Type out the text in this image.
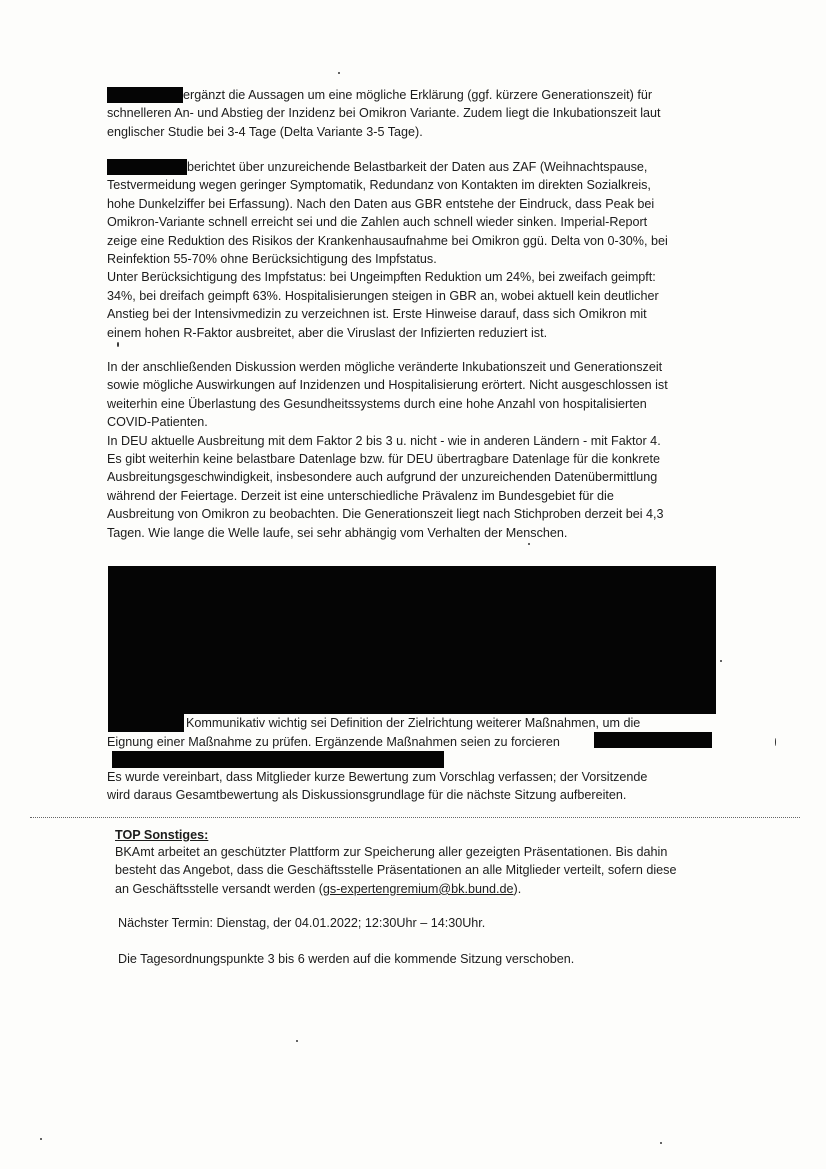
ergänzt die Aussagen um eine mögliche Erklärung (ggf. kürzere Generationszeit) für
schnelleren An- und Abstieg der Inzidenz bei Omikron Variante. Zudem liegt die Inkubationszeit laut
englischer Studie bei 3-4 Tage (Delta Variante 3-5 Tage).

berichtet über unzureichende Belastbarkeit der Daten aus ZAF (Weihnachtspause,
Testvermeidung wegen geringer Symptomatik, Redundanz von Kontakten im direkten Sozialkreis,
hohe Dunkelziffer bei Erfassung). Nach den Daten aus GBR entstehe der Eindruck, dass Peak bei
Omikron-Variante schnell erreicht sei und die Zahlen auch schnell wieder sinken. Imperial-Report
zeige eine Reduktion des Risikos der Krankenhausaufnahme bei Omikron ggü. Delta von 0-30%, bei
Reinfektion 55-70% ohne Berücksichtigung des Impfstatus.
Unter Berücksichtigung des Impfstatus: bei Ungeimpften Reduktion um 24%, bei zweifach geimpft:
34%, bei dreifach geimpft 63%. Hospitalisierungen steigen in GBR an, wobei aktuell kein deutlicher
Anstieg bei der Intensivmedizin zu verzeichnen ist. Erste Hinweise darauf, dass sich Omikron mit
einem hohen R-Faktor ausbreitet, aber die Viruslast der Infizierten reduziert ist.

In der anschließenden Diskussion werden mögliche veränderte Inkubationszeit und Generationszeit
sowie mögliche Auswirkungen auf Inzidenzen und Hospitalisierung erörtert. Nicht ausgeschlossen ist
weiterhin eine Überlastung des Gesundheitssystems durch eine hohe Anzahl von hospitalisierten
COVID-Patienten.
In DEU aktuelle Ausbreitung mit dem Faktor 2 bis 3 u. nicht - wie in anderen Ländern - mit Faktor 4.
Es gibt weiterhin keine belastbare Datenlage bzw. für DEU übertragbare Datenlage für die konkrete
Ausbreitungsgeschwindigkeit, insbesondere auch aufgrund der unzureichenden Datenübermittlung
während der Feiertage. Derzeit ist eine unterschiedliche Prävalenz im Bundesgebiet für die
Ausbreitung von Omikron zu beobachten. Die Generationszeit liegt nach Stichproben derzeit bei 4,3
Tagen. Wie lange die Welle laufe, sei sehr abhängig vom Verhalten der Menschen.

Kommunikativ wichtig sei Definition der Zielrichtung weiterer Maßnahmen, um die

Eignung einer Maßnahme zu prüfen. Ergänzende Maßnahmen seien zu forcieren

Es wurde vereinbart, dass Mitglieder kurze Bewertung zum Vorschlag verfassen; der Vorsitzende
wird daraus Gesamtbewertung als Diskussionsgrundlage für die nächste Sitzung aufbereiten.

TOP Sonstiges:

BKAmt arbeitet an geschützter Plattform zur Speicherung aller gezeigten Präsentationen. Bis dahin
besteht das Angebot, dass die Geschäftsstelle Präsentationen an alle Mitglieder verteilt, sofern diese
an Geschäftsstelle versandt werden (gs-expertengremium@bk.bund.de).

Nächster Termin: Dienstag, der 04.01.2022; 12:30Uhr – 14:30Uhr.

Die Tagesordnungspunkte 3 bis 6 werden auf die kommende Sitzung verschoben.
